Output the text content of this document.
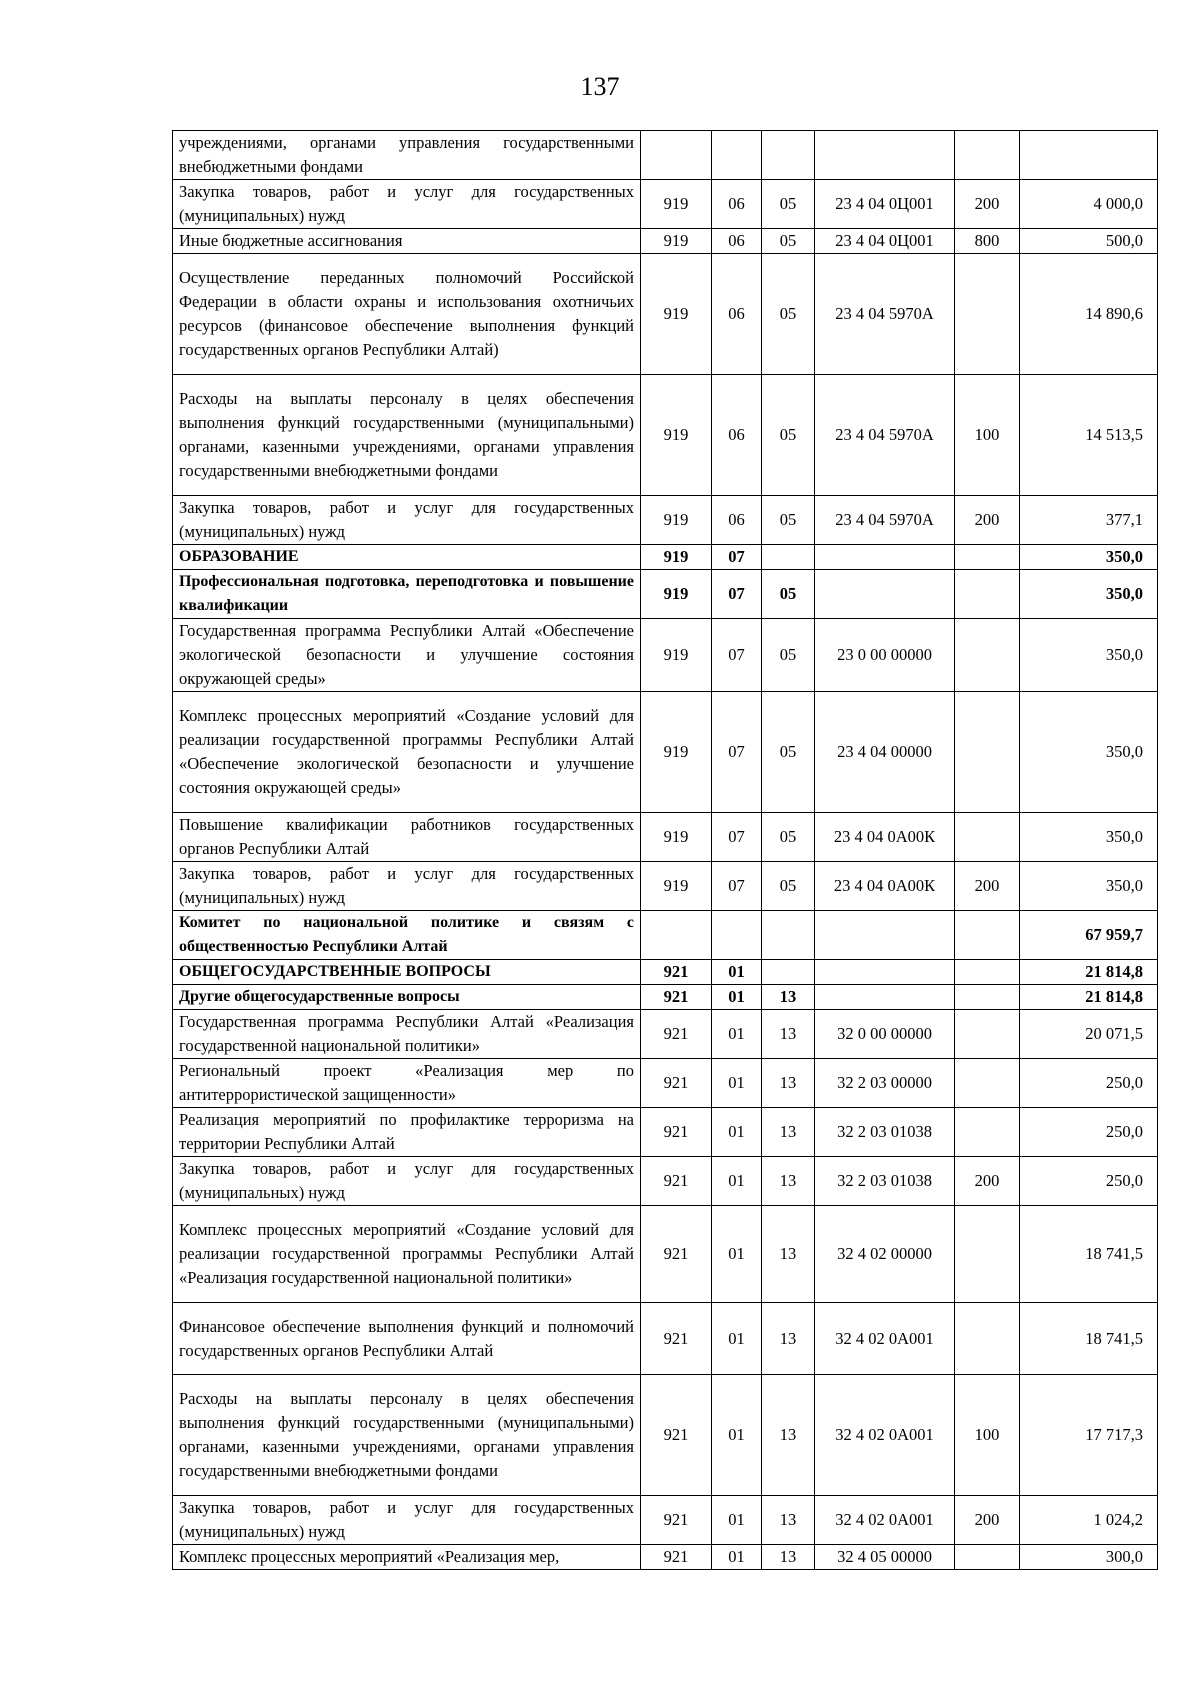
137
учреждениями, органами управления государственными внебюджетными фондами						
Закупка товаров, работ и услуг для государственных (муниципальных) нужд	919	06	05	23 4 04 0Ц001	200	4 000,0
Иные бюджетные ассигнования	919	06	05	23 4 04 0Ц001	800	500,0
Осуществление переданных полномочий Российской Федерации в области охраны и использования охотничьих ресурсов (финансовое обеспечение выполнения функций государственных органов Республики Алтай)	919	06	05	23 4 04 5970А		14 890,6
Расходы на выплаты персоналу в целях обеспечения выполнения функций государственными (муниципальными) органами, казенными учреждениями, органами управления государственными внебюджетными фондами	919	06	05	23 4 04 5970А	100	14 513,5
Закупка товаров, работ и услуг для государственных (муниципальных) нужд	919	06	05	23 4 04 5970А	200	377,1
ОБРАЗОВАНИЕ	919	07				350,0
Профессиональная подготовка, переподготовка и повышение квалификации	919	07	05			350,0
Государственная программа Республики Алтай «Обеспечение экологической безопасности и улучшение состояния окружающей среды»	919	07	05	23 0 00 00000		350,0
Комплекс процессных мероприятий «Создание условий для реализации государственной программы Республики Алтай «Обеспечение экологической безопасности и улучшение состояния окружающей среды»	919	07	05	23 4 04 00000		350,0
Повышение квалификации работников государственных органов Республики Алтай	919	07	05	23 4 04 0А00К		350,0
Закупка товаров, работ и услуг для государственных (муниципальных) нужд	919	07	05	23 4 04 0А00К	200	350,0
Комитет по национальной политике и связям с общественностью Республики Алтай						67 959,7
ОБЩЕГОСУДАРСТВЕННЫЕ ВОПРОСЫ	921	01				21 814,8
Другие общегосударственные вопросы	921	01	13			21 814,8
Государственная программа Республики Алтай «Реализация государственной национальной политики»	921	01	13	32 0 00 00000		20 071,5
Региональный проект «Реализация мер по антитеррористической защищенности»	921	01	13	32 2 03 00000		250,0
Реализация мероприятий по профилактике терроризма на территории Республики Алтай	921	01	13	32 2 03 01038		250,0
Закупка товаров, работ и услуг для государственных (муниципальных) нужд	921	01	13	32 2 03 01038	200	250,0
Комплекс процессных мероприятий «Создание условий для реализации государственной программы Республики Алтай «Реализация государственной национальной политики»	921	01	13	32 4 02 00000		18 741,5
Финансовое обеспечение выполнения функций и полномочий государственных органов Республики Алтай	921	01	13	32 4 02 0А001		18 741,5
Расходы на выплаты персоналу в целях обеспечения выполнения функций государственными (муниципальными) органами, казенными учреждениями, органами управления государственными внебюджетными фондами	921	01	13	32 4 02 0А001	100	17 717,3
Закупка товаров, работ и услуг для государственных (муниципальных) нужд	921	01	13	32 4 02 0А001	200	1 024,2
Комплекс процессных мероприятий «Реализация мер,	921	01	13	32 4 05 00000		300,0
